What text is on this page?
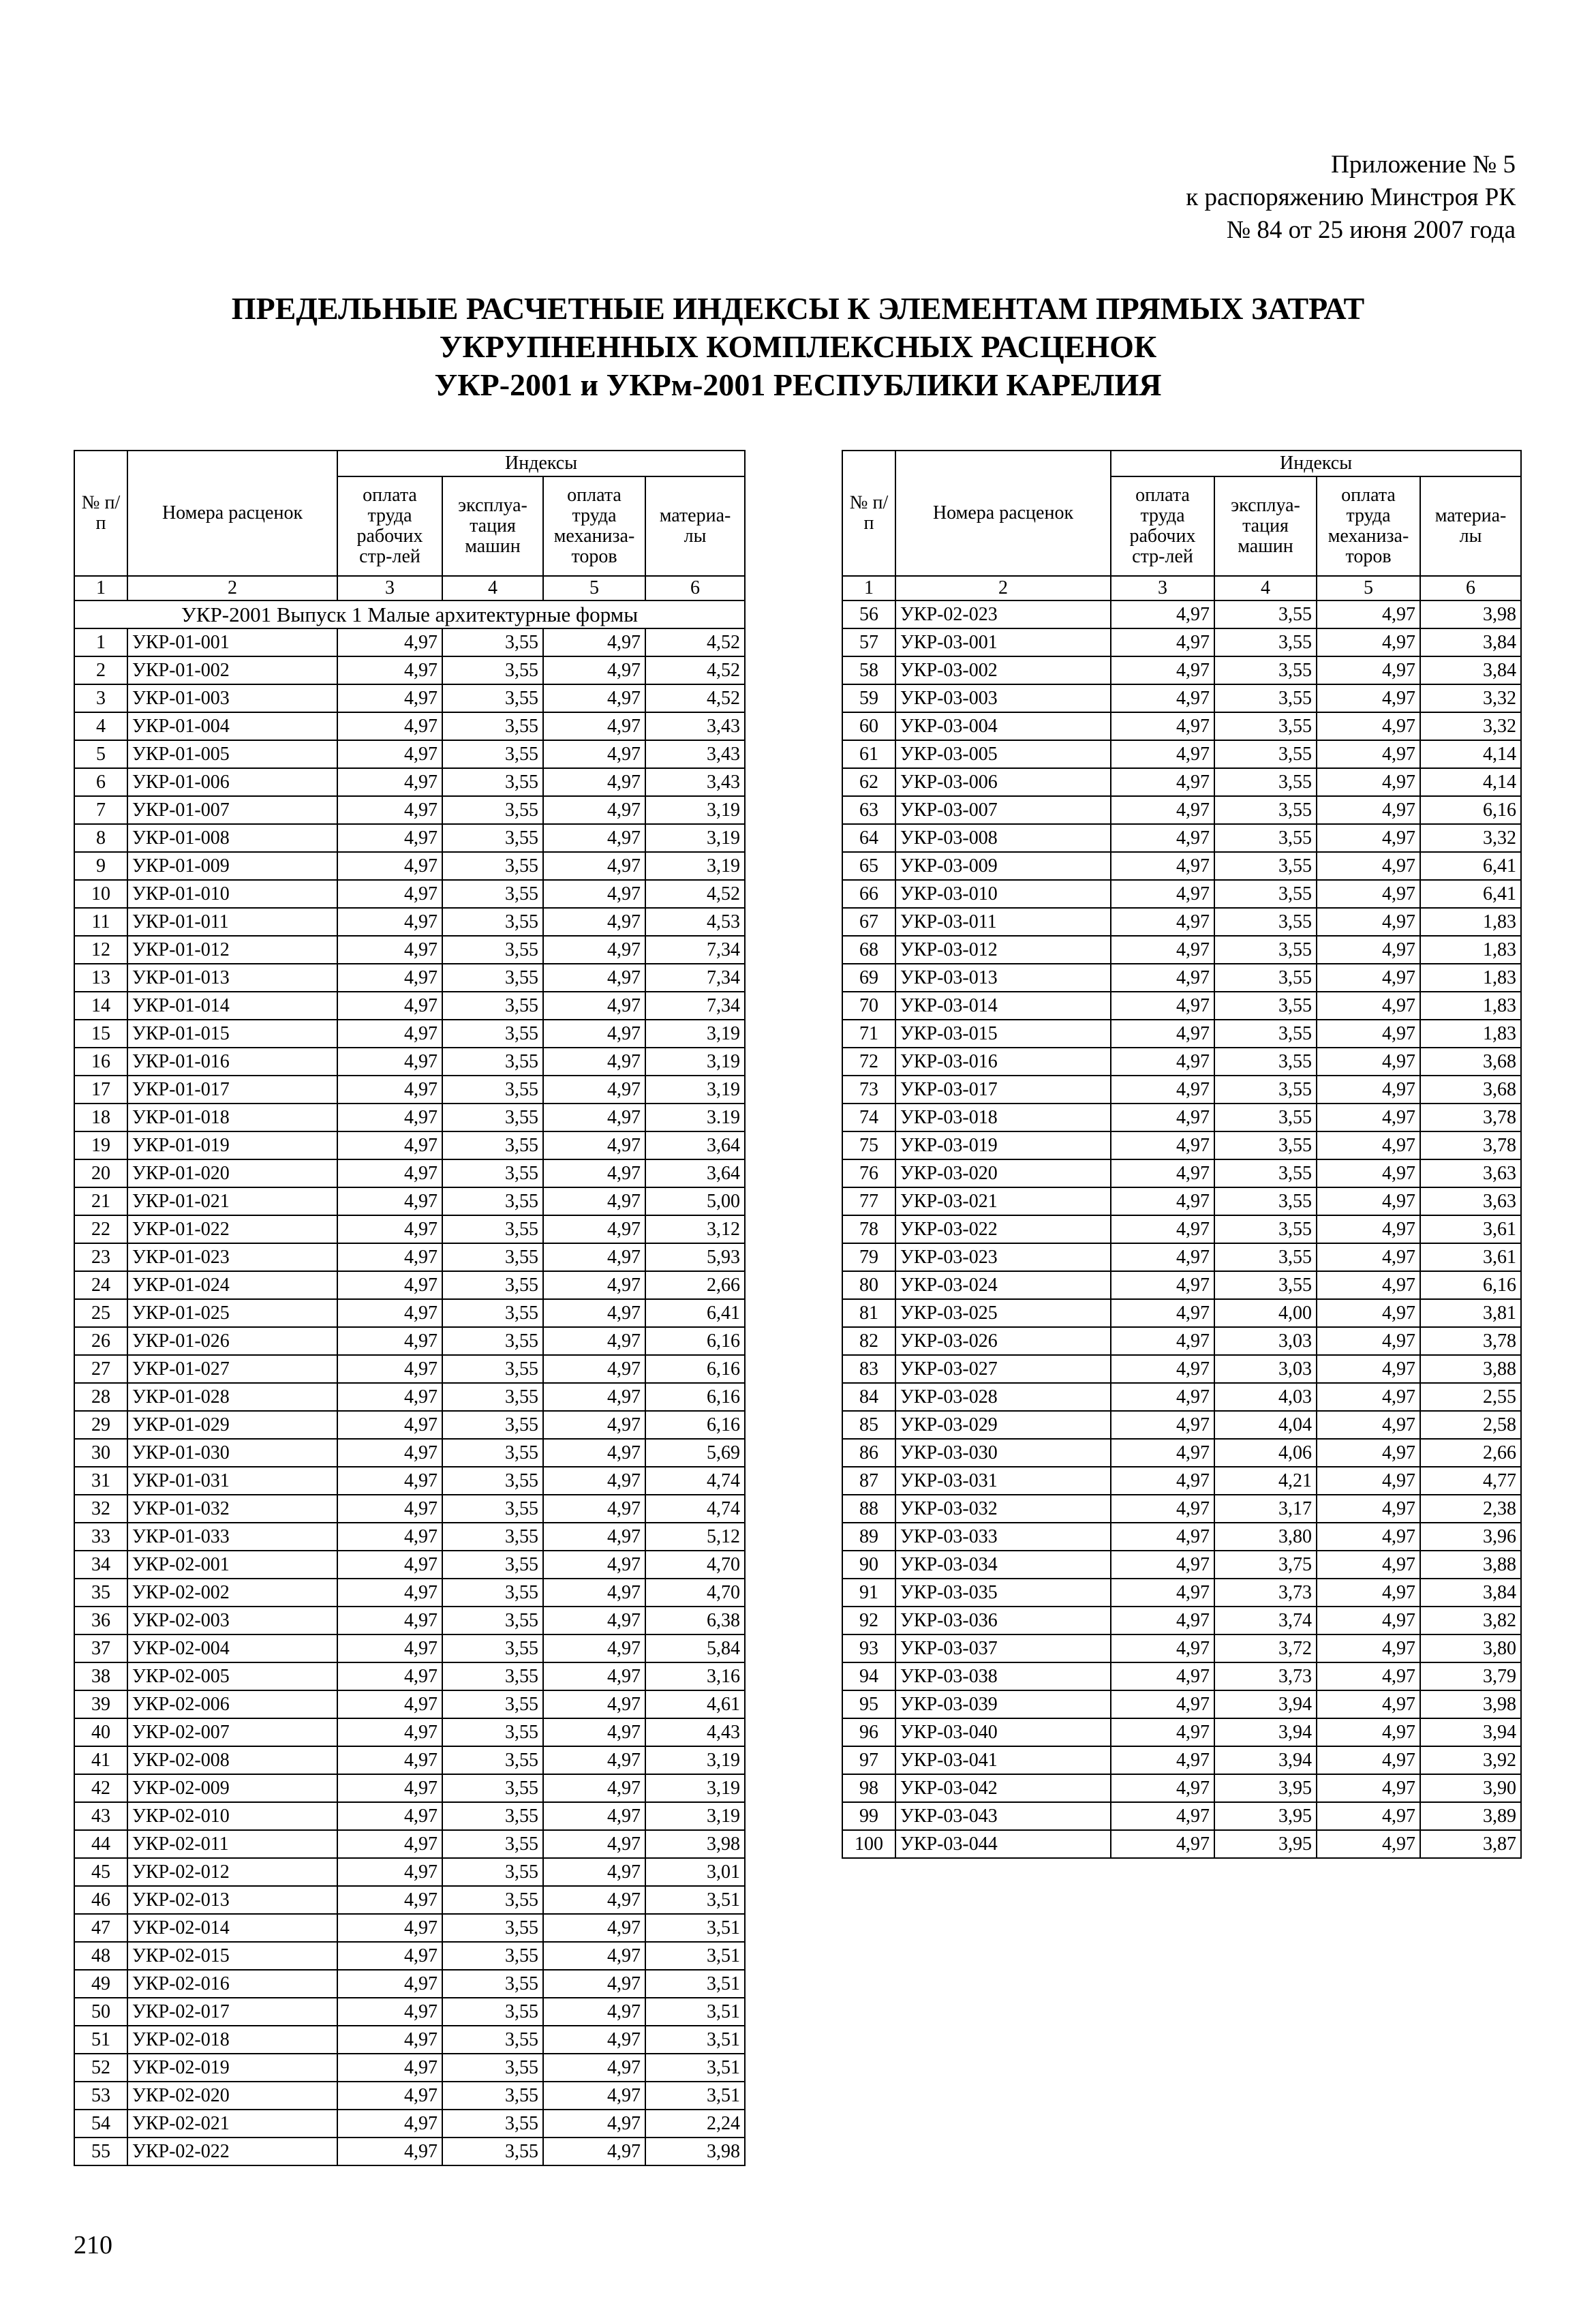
Приложение № 5
к распоряжению Минстроя РК
№ 84 от 25 июня 2007 года
ПРЕДЕЛЬНЫЕ РАСЧЕТНЫЕ ИНДЕКСЫ К ЭЛЕМЕНТАМ ПРЯМЫХ ЗАТРАТ
УКРУПНЕННЫХ КОМПЛЕКСНЫХ РАСЦЕНОК
УКР-2001 и УКРм-2001 РЕСПУБЛИКИ КАРЕЛИЯ
№ п/п	Номера расценок	Индексы			
		оплата труда рабочих стр-лей	эксплуа-тация машин	оплата труда механиза-торов	материа-лы
1	2	3	4	5	6
УКР-2001 Выпуск 1 Малые архитектурные формы					
1	УКР-01-001	4,97	3,55	4,97	4,52
2	УКР-01-002	4,97	3,55	4,97	4,52
3	УКР-01-003	4,97	3,55	4,97	4,52
4	УКР-01-004	4,97	3,55	4,97	3,43
5	УКР-01-005	4,97	3,55	4,97	3,43
6	УКР-01-006	4,97	3,55	4,97	3,43
7	УКР-01-007	4,97	3,55	4,97	3,19
8	УКР-01-008	4,97	3,55	4,97	3,19
9	УКР-01-009	4,97	3,55	4,97	3,19
10	УКР-01-010	4,97	3,55	4,97	4,52
11	УКР-01-011	4,97	3,55	4,97	4,53
12	УКР-01-012	4,97	3,55	4,97	7,34
13	УКР-01-013	4,97	3,55	4,97	7,34
14	УКР-01-014	4,97	3,55	4,97	7,34
15	УКР-01-015	4,97	3,55	4,97	3,19
16	УКР-01-016	4,97	3,55	4,97	3,19
17	УКР-01-017	4,97	3,55	4,97	3,19
18	УКР-01-018	4,97	3,55	4,97	3.19
19	УКР-01-019	4,97	3,55	4,97	3,64
20	УКР-01-020	4,97	3,55	4,97	3,64
21	УКР-01-021	4,97	3,55	4,97	5,00
22	УКР-01-022	4,97	3,55	4,97	3,12
23	УКР-01-023	4,97	3,55	4,97	5,93
24	УКР-01-024	4,97	3,55	4,97	2,66
25	УКР-01-025	4,97	3,55	4,97	6,41
26	УКР-01-026	4,97	3,55	4,97	6,16
27	УКР-01-027	4,97	3,55	4,97	6,16
28	УКР-01-028	4,97	3,55	4,97	6,16
29	УКР-01-029	4,97	3,55	4,97	6,16
30	УКР-01-030	4,97	3,55	4,97	5,69
31	УКР-01-031	4,97	3,55	4,97	4,74
32	УКР-01-032	4,97	3,55	4,97	4,74
33	УКР-01-033	4,97	3,55	4,97	5,12
34	УКР-02-001	4,97	3,55	4,97	4,70
35	УКР-02-002	4,97	3,55	4,97	4,70
36	УКР-02-003	4,97	3,55	4,97	6,38
37	УКР-02-004	4,97	3,55	4,97	5,84
38	УКР-02-005	4,97	3,55	4,97	3,16
39	УКР-02-006	4,97	3,55	4,97	4,61
40	УКР-02-007	4,97	3,55	4,97	4,43
41	УКР-02-008	4,97	3,55	4,97	3,19
42	УКР-02-009	4,97	3,55	4,97	3,19
43	УКР-02-010	4,97	3,55	4,97	3,19
44	УКР-02-011	4,97	3,55	4,97	3,98
45	УКР-02-012	4,97	3,55	4,97	3,01
46	УКР-02-013	4,97	3,55	4,97	3,51
47	УКР-02-014	4,97	3,55	4,97	3,51
48	УКР-02-015	4,97	3,55	4,97	3,51
49	УКР-02-016	4,97	3,55	4,97	3,51
50	УКР-02-017	4,97	3,55	4,97	3,51
51	УКР-02-018	4,97	3,55	4,97	3,51
52	УКР-02-019	4,97	3,55	4,97	3,51
53	УКР-02-020	4,97	3,55	4,97	3,51
54	УКР-02-021	4,97	3,55	4,97	2,24
55	УКР-02-022	4,97	3,55	4,97	3,98
№ п/п	Номера расценок	Индексы			
		оплата труда рабочих стр-лей	эксплуа-тация машин	оплата труда механиза-торов	материа-лы
1	2	3	4	5	6
56	УКР-02-023	4,97	3,55	4,97	3,98
57	УКР-03-001	4,97	3,55	4,97	3,84
58	УКР-03-002	4,97	3,55	4,97	3,84
59	УКР-03-003	4,97	3,55	4,97	3,32
60	УКР-03-004	4,97	3,55	4,97	3,32
61	УКР-03-005	4,97	3,55	4,97	4,14
62	УКР-03-006	4,97	3,55	4,97	4,14
63	УКР-03-007	4,97	3,55	4,97	6,16
64	УКР-03-008	4,97	3,55	4,97	3,32
65	УКР-03-009	4,97	3,55	4,97	6,41
66	УКР-03-010	4,97	3,55	4,97	6,41
67	УКР-03-011	4,97	3,55	4,97	1,83
68	УКР-03-012	4,97	3,55	4,97	1,83
69	УКР-03-013	4,97	3,55	4,97	1,83
70	УКР-03-014	4,97	3,55	4,97	1,83
71	УКР-03-015	4,97	3,55	4,97	1,83
72	УКР-03-016	4,97	3,55	4,97	3,68
73	УКР-03-017	4,97	3,55	4,97	3,68
74	УКР-03-018	4,97	3,55	4,97	3,78
75	УКР-03-019	4,97	3,55	4,97	3,78
76	УКР-03-020	4,97	3,55	4,97	3,63
77	УКР-03-021	4,97	3,55	4,97	3,63
78	УКР-03-022	4,97	3,55	4,97	3,61
79	УКР-03-023	4,97	3,55	4,97	3,61
80	УКР-03-024	4,97	3,55	4,97	6,16
81	УКР-03-025	4,97	4,00	4,97	3,81
82	УКР-03-026	4,97	3,03	4,97	3,78
83	УКР-03-027	4,97	3,03	4,97	3,88
84	УКР-03-028	4,97	4,03	4,97	2,55
85	УКР-03-029	4,97	4,04	4,97	2,58
86	УКР-03-030	4,97	4,06	4,97	2,66
87	УКР-03-031	4,97	4,21	4,97	4,77
88	УКР-03-032	4,97	3,17	4,97	2,38
89	УКР-03-033	4,97	3,80	4,97	3,96
90	УКР-03-034	4,97	3,75	4,97	3,88
91	УКР-03-035	4,97	3,73	4,97	3,84
92	УКР-03-036	4,97	3,74	4,97	3,82
93	УКР-03-037	4,97	3,72	4,97	3,80
94	УКР-03-038	4,97	3,73	4,97	3,79
95	УКР-03-039	4,97	3,94	4,97	3,98
96	УКР-03-040	4,97	3,94	4,97	3,94
97	УКР-03-041	4,97	3,94	4,97	3,92
98	УКР-03-042	4,97	3,95	4,97	3,90
99	УКР-03-043	4,97	3,95	4,97	3,89
100	УКР-03-044	4,97	3,95	4,97	3,87
210
